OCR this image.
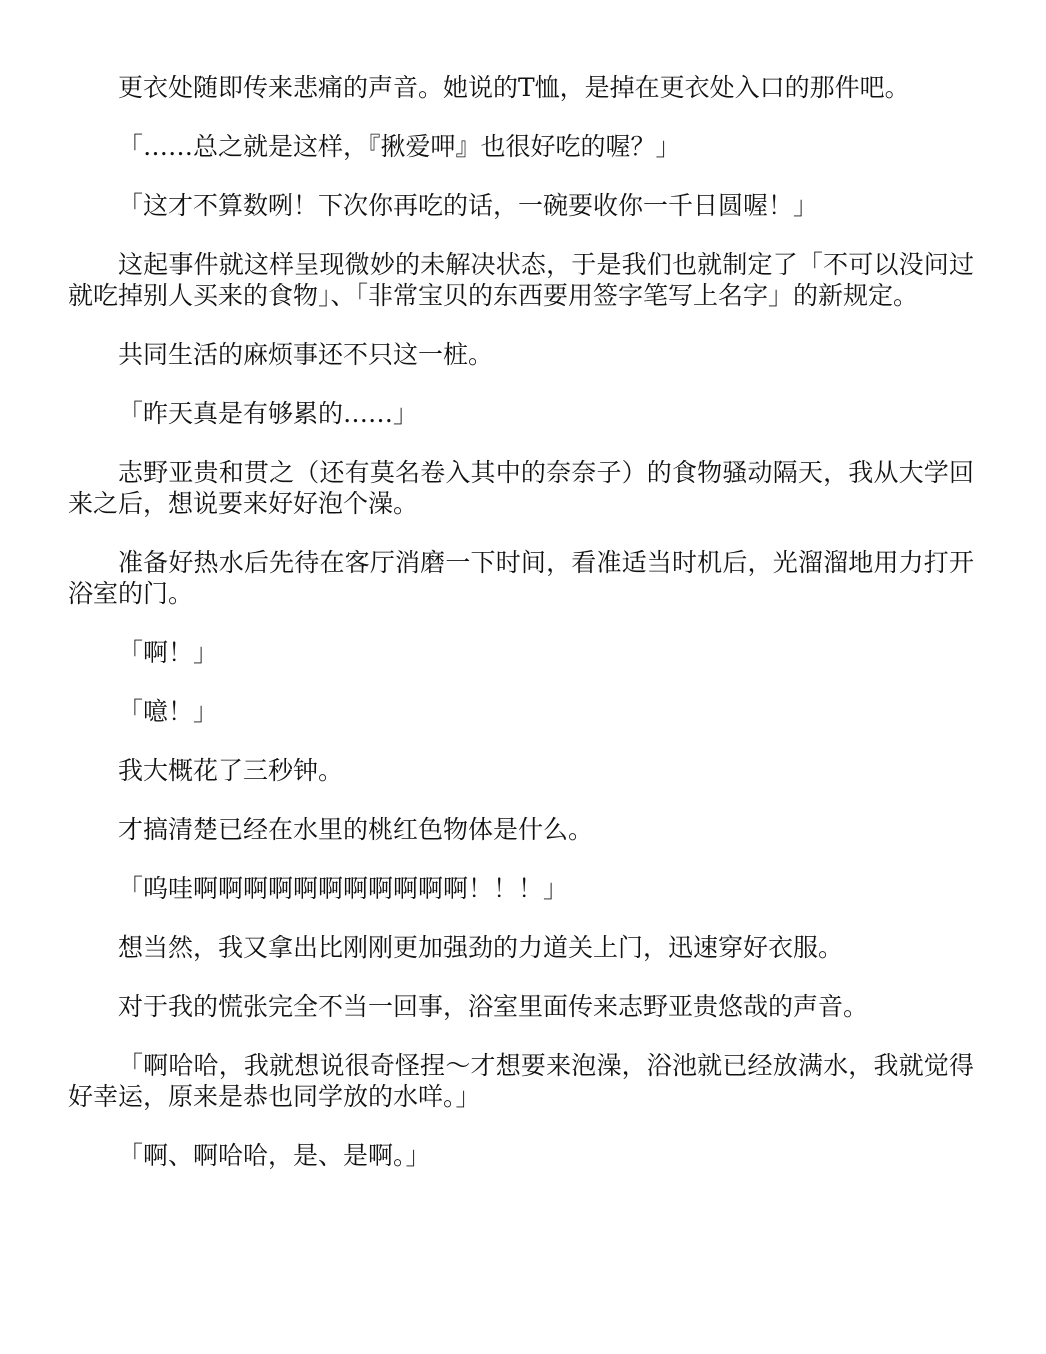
更衣处随即传来悲痛的声音。她说的T恤，是掉在更衣处入口的那件吧。

「……总之就是这样，『揪爱呷』也很好吃的喔？」

「这才不算数咧！下次你再吃的话，一碗要收你一千日圆喔！」

这起事件就这样呈现微妙的未解决状态，于是我们也就制定了「不可以没问过就吃掉别人买来的食物」、「非常宝贝的东西要用签字笔写上名字」的新规定。

共同生活的麻烦事还不只这一桩。

「昨天真是有够累的……」

志野亚贵和贯之（还有莫名卷入其中的奈奈子）的食物骚动隔天，我从大学回来之后，想说要来好好泡个澡。

准备好热水后先待在客厅消磨一下时间，看准适当时机后，光溜溜地用力打开浴室的门。

「啊！」

「噫！」

我大概花了三秒钟。

才搞清楚已经在水里的桃红色物体是什么。

「呜哇啊啊啊啊啊啊啊啊啊啊啊！！！」

想当然，我又拿出比刚刚更加强劲的力道关上门，迅速穿好衣服。

对于我的慌张完全不当一回事，浴室里面传来志野亚贵悠哉的声音。

「啊哈哈，我就想说很奇怪捏～才想要来泡澡，浴池就已经放满水，我就觉得好幸运，原来是恭也同学放的水咩。」

「啊、啊哈哈，是、是啊。」
